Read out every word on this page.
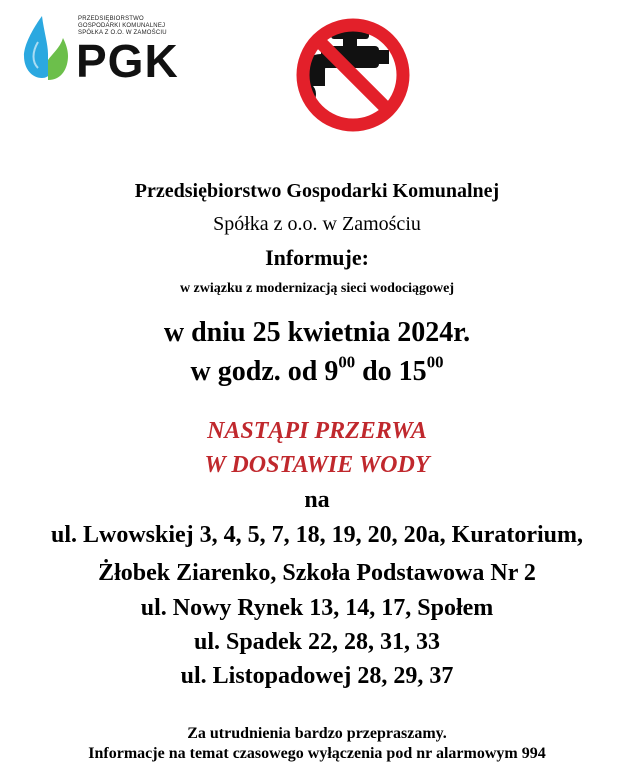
PRZEDSIĘBIORSTWO
GOSPODARKI KOMUNALNEJ
SPÓŁKA Z O.O. W ZAMOŚCIU
PGK
Przedsiębiorstwo Gospodarki Komunalnej
Spółka z o.o. w Zamościu
Informuje:
w związku z modernizacją sieci wodociągowej
w dniu 25 kwietnia 2024r.
w godz. od $9^{00}$ do $15^{00}$
NASTĄPI PRZERWA
W DOSTAWIE WODY
na
ul. Lwowskiej 3, 4, 5, 7, 18, 19, 20, 20a, Kuratorium,
Żłobek Ziarenko, Szkoła Podstawowa Nr 2
ul. Nowy Rynek 13, 14, 17, Społem
ul. Spadek 22, 28, 31, 33
ul. Listopadowej 28, 29, 37
Za utrudnienia bardzo przepraszamy.
Informacje na temat czasowego wyłączenia pod nr alarmowym 994
